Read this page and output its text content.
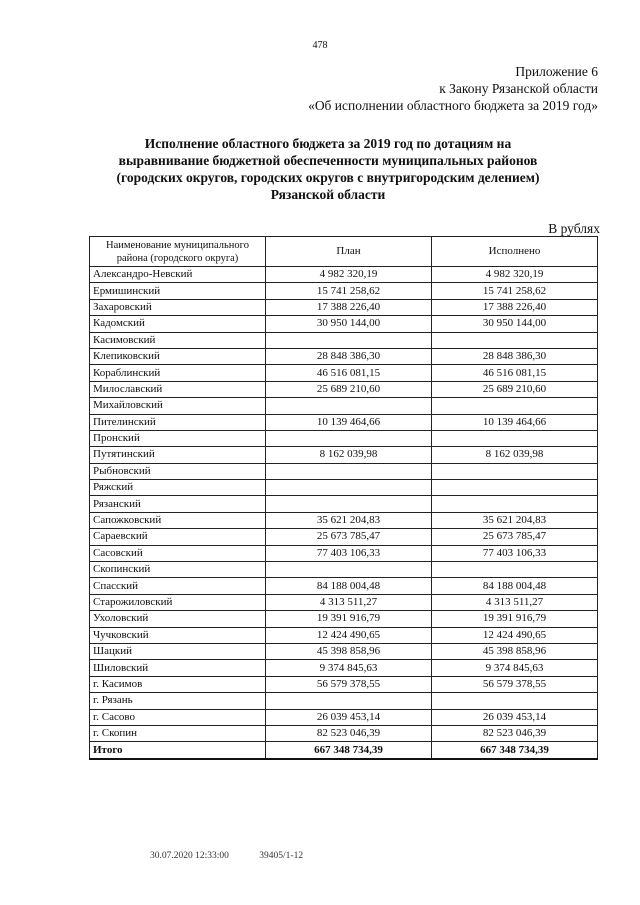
478
Приложение 6
к Закону Рязанской области
«Об исполнении областного бюджета за 2019 год»
Исполнение областного бюджета за 2019 год по дотациям на
выравнивание бюджетной обеспеченности муниципальных районов
(городских округов, городских округов с внутригородским делением)
Рязанской области
В рублях
Наименование муниципального района (городского округа)	План	Исполнено
Александро-Невский	4 982 320,19	4 982 320,19
Ермишинский	15 741 258,62	15 741 258,62
Захаровский	17 388 226,40	17 388 226,40
Кадомский	30 950 144,00	30 950 144,00
Касимовский		
Клепиковский	28 848 386,30	28 848 386,30
Кораблинский	46 516 081,15	46 516 081,15
Милославский	25 689 210,60	25 689 210,60
Михайловский		
Пителинский	10 139 464,66	10 139 464,66
Пронский		
Путятинский	8 162 039,98	8 162 039,98
Рыбновский		
Ряжский		
Рязанский		
Сапожковский	35 621 204,83	35 621 204,83
Сараевский	25 673 785,47	25 673 785,47
Сасовский	77 403 106,33	77 403 106,33
Скопинский		
Спасский	84 188 004,48	84 188 004,48
Старожиловский	4 313 511,27	4 313 511,27
Ухоловский	19 391 916,79	19 391 916,79
Чучковский	12 424 490,65	12 424 490,65
Шацкий	45 398 858,96	45 398 858,96
Шиловский	9 374 845,63	9 374 845,63
г. Касимов	56 579 378,55	56 579 378,55
г. Рязань		
г. Сасово	26 039 453,14	26 039 453,14
г. Скопин	82 523 046,39	82 523 046,39
Итого	667 348 734,39	667 348 734,39
30.07.2020 12:33:00	39405/1-12
